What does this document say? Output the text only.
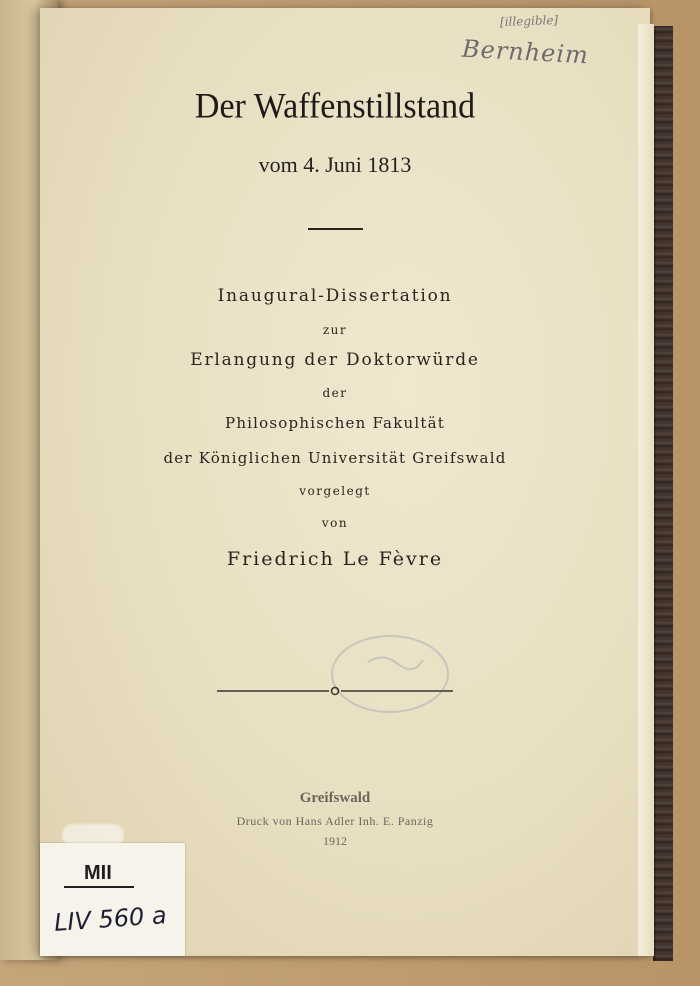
[illegible]
Bernheim
Der Waffenstillstand
vom 4. Juni 1813
Inaugural-Dissertation
zur
Erlangung der Doktorwürde
der
Philosophischen Fakultät
der Königlichen Universität Greifswald
vorgelegt
von
Friedrich Le Fèvre
Greifswald
Druck von Hans Adler Inh. E. Panzig
1912
MII
LIV 560 a
